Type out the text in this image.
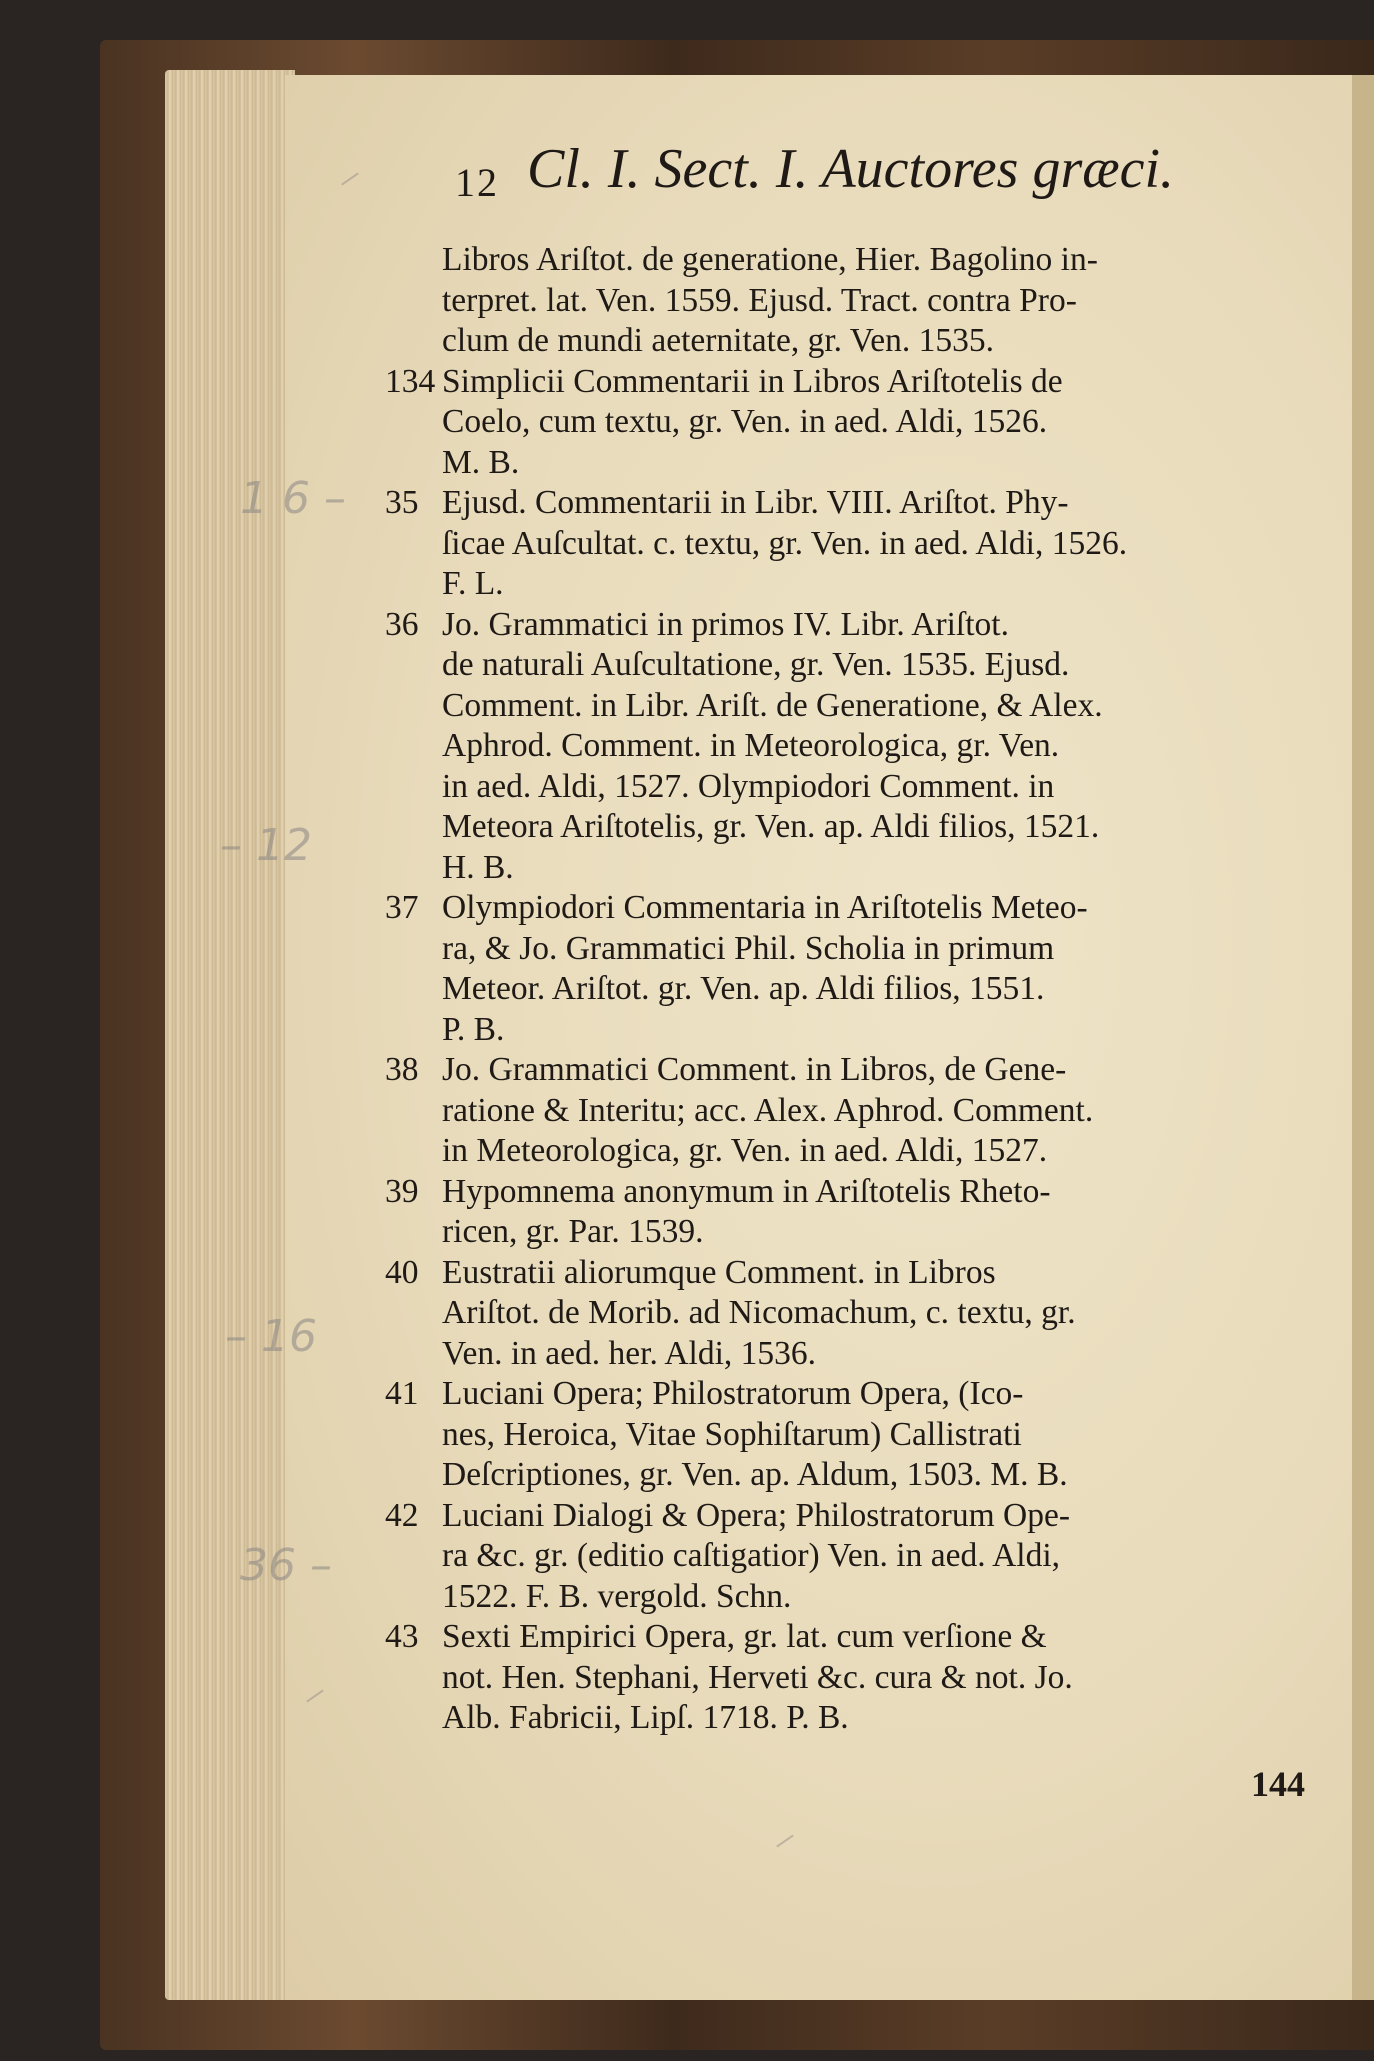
12 Cl. I. Sect. I. Auctores græci.
Libros Ariſtot. de generatione, Hier. Bagolino in-
terpret. lat. Ven. 1559. Ejusd. Tract. contra Pro-
clum de mundi aeternitate, gr. Ven. 1535.
134 Simplicii Commentarii in Libros Ariſtotelis de
Coelo, cum textu, gr. Ven. in aed. Aldi, 1526.
M. B.
35 Ejusd. Commentarii in Libr. VIII. Ariſtot. Phy-
ſicae Auſcultat. c. textu, gr. Ven. in aed. Aldi, 1526.
F. L.
36 Jo. Grammatici in primos IV. Libr. Ariſtot.
de naturali Auſcultatione, gr. Ven. 1535. Ejusd.
Comment. in Libr. Ariſt. de Generatione, & Alex.
Aphrod. Comment. in Meteorologica, gr. Ven.
in aed. Aldi, 1527. Olympiodori Comment. in
Meteora Ariſtotelis, gr. Ven. ap. Aldi filios, 1521.
H. B.
37 Olympiodori Commentaria in Ariſtotelis Meteo-
ra, & Jo. Grammatici Phil. Scholia in primum
Meteor. Ariſtot. gr. Ven. ap. Aldi filios, 1551.
P. B.
38 Jo. Grammatici Comment. in Libros, de Gene-
ratione & Interitu; acc. Alex. Aphrod. Comment.
in Meteorologica, gr. Ven. in aed. Aldi, 1527.
39 Hypomnema anonymum in Ariſtotelis Rheto-
ricen, gr. Par. 1539.
40 Eustratii aliorumque Comment. in Libros
Ariſtot. de Morib. ad Nicomachum, c. textu, gr.
Ven. in aed. her. Aldi, 1536.
41 Luciani Opera; Philostratorum Opera, (Ico-
nes, Heroica, Vitae Sophiſtarum) Callistrati
Deſcriptiones, gr. Ven. ap. Aldum, 1503. M. B.
42 Luciani Dialogi & Opera; Philostratorum Ope-
ra &c. gr. (editio caſtigatior) Ven. in aed. Aldi,
1522. F. B. vergold. Schn.
43 Sexti Empirici Opera, gr. lat. cum verſione &
not. Hen. Stephani, Herveti &c. cura & not. Jo.
Alb. Fabricii, Lipſ. 1718. P. B.
144
1 6 –
– 12
– 16
36 –
